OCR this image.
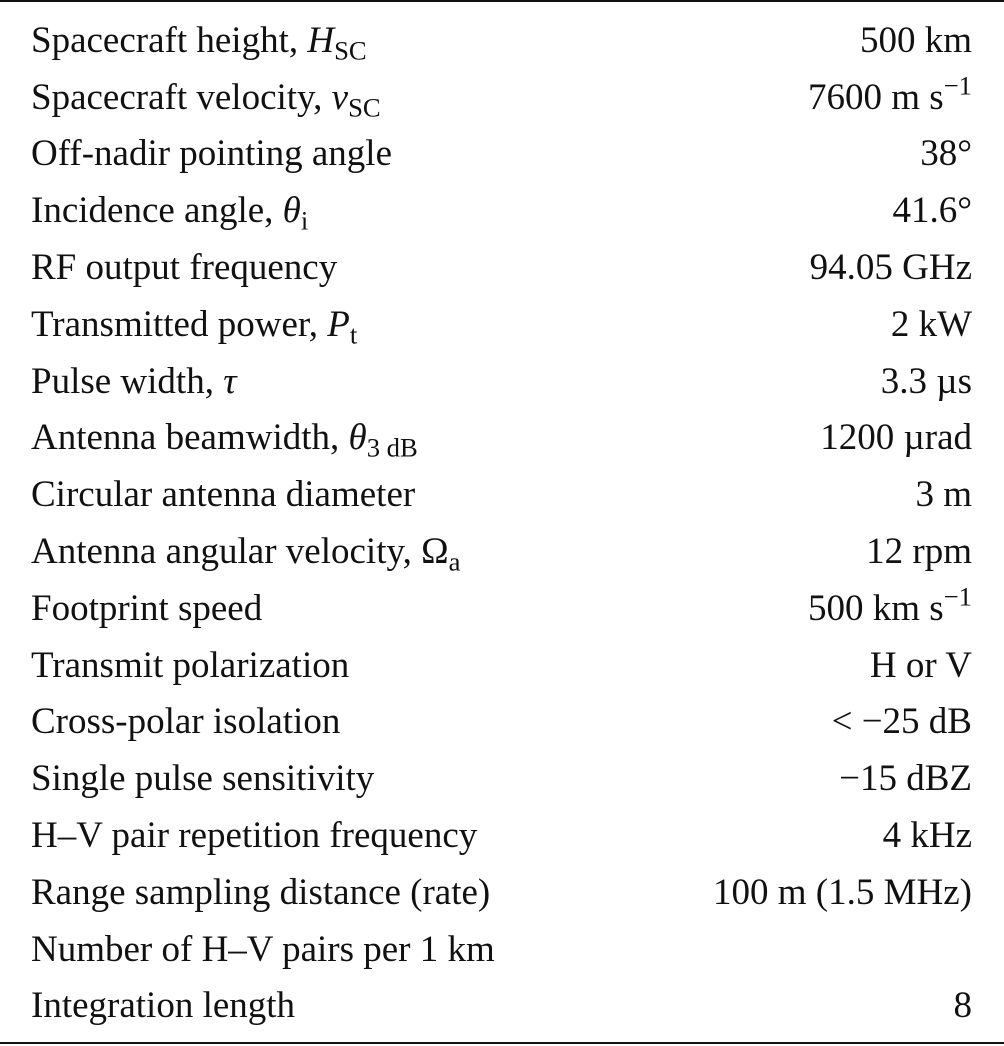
Spacecraft height, $H_{SC}$	500 km
Spacecraft velocity, $v_{SC}$	7600 m $s^{-1}$
Off-nadir pointing angle	38°
Incidence angle, $\theta_i$	41.6°
RF output frequency	94.05 GHz
Transmitted power, $P_t$	2 kW
Pulse width, τ	3.3 µs
Antenna beamwidth, $\theta_{3 dB}$	1200 µrad
Circular antenna diameter	3 m
Antenna angular velocity, $\Omega_a$	12 rpm
Footprint speed	500 km $s^{-1}$
Transmit polarization	H or V
Cross-polar isolation	< −25 dB
Single pulse sensitivity	−15 dBZ
H–V pair repetition frequency	4 kHz
Range sampling distance (rate)	100 m (1.5 MHz)
Number of H–V pairs per 1 km	
Integration length	8
